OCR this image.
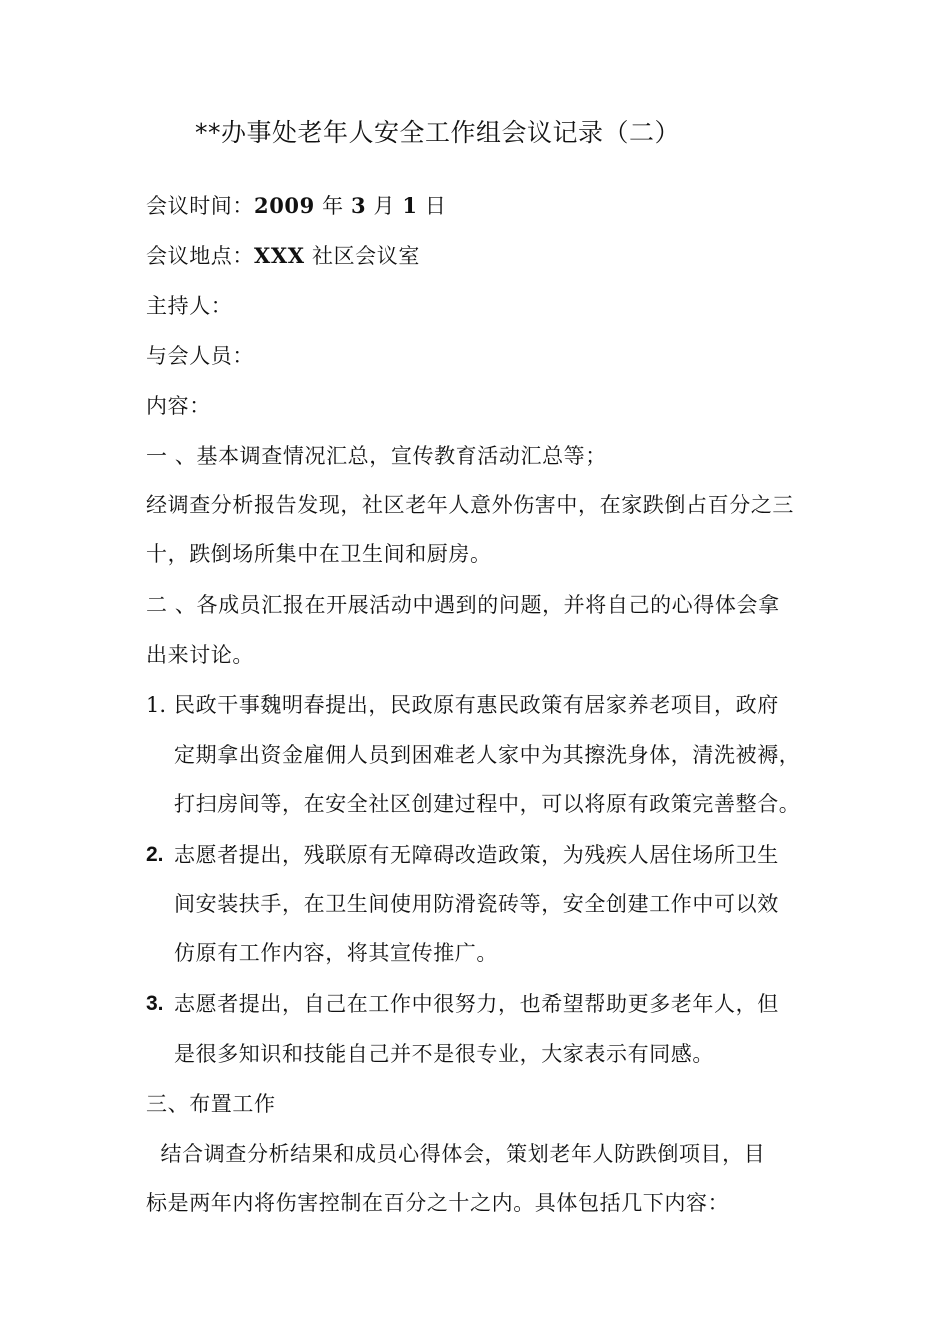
**办事处老年人安全工作组会议记录（二）
会议时间：2009 年 3 月 1 日
会议地点：XXX 社区会议室
主持人：
与会人员：
内容：
一 、基本调查情况汇总，宣传教育活动汇总等；
经调查分析报告发现，社区老年人意外伤害中，在家跌倒占百分之三
十，跌倒场所集中在卫生间和厨房。
二 、各成员汇报在开展活动中遇到的问题，并将自己的心得体会拿
出来讨论。
1. 民政干事魏明春提出，民政原有惠民政策有居家养老项目，政府
定期拿出资金雇佣人员到困难老人家中为其擦洗身体，清洗被褥，
打扫房间等，在安全社区创建过程中，可以将原有政策完善整合。
2. 志愿者提出，残联原有无障碍改造政策，为残疾人居住场所卫生
间安装扶手，在卫生间使用防滑瓷砖等，安全创建工作中可以效
仿原有工作内容，将其宣传推广。
3. 志愿者提出，自己在工作中很努力，也希望帮助更多老年人，但
是很多知识和技能自己并不是很专业，大家表示有同感。
三、布置工作
结合调查分析结果和成员心得体会，策划老年人防跌倒项目，目
标是两年内将伤害控制在百分之十之内。具体包括几下内容：
